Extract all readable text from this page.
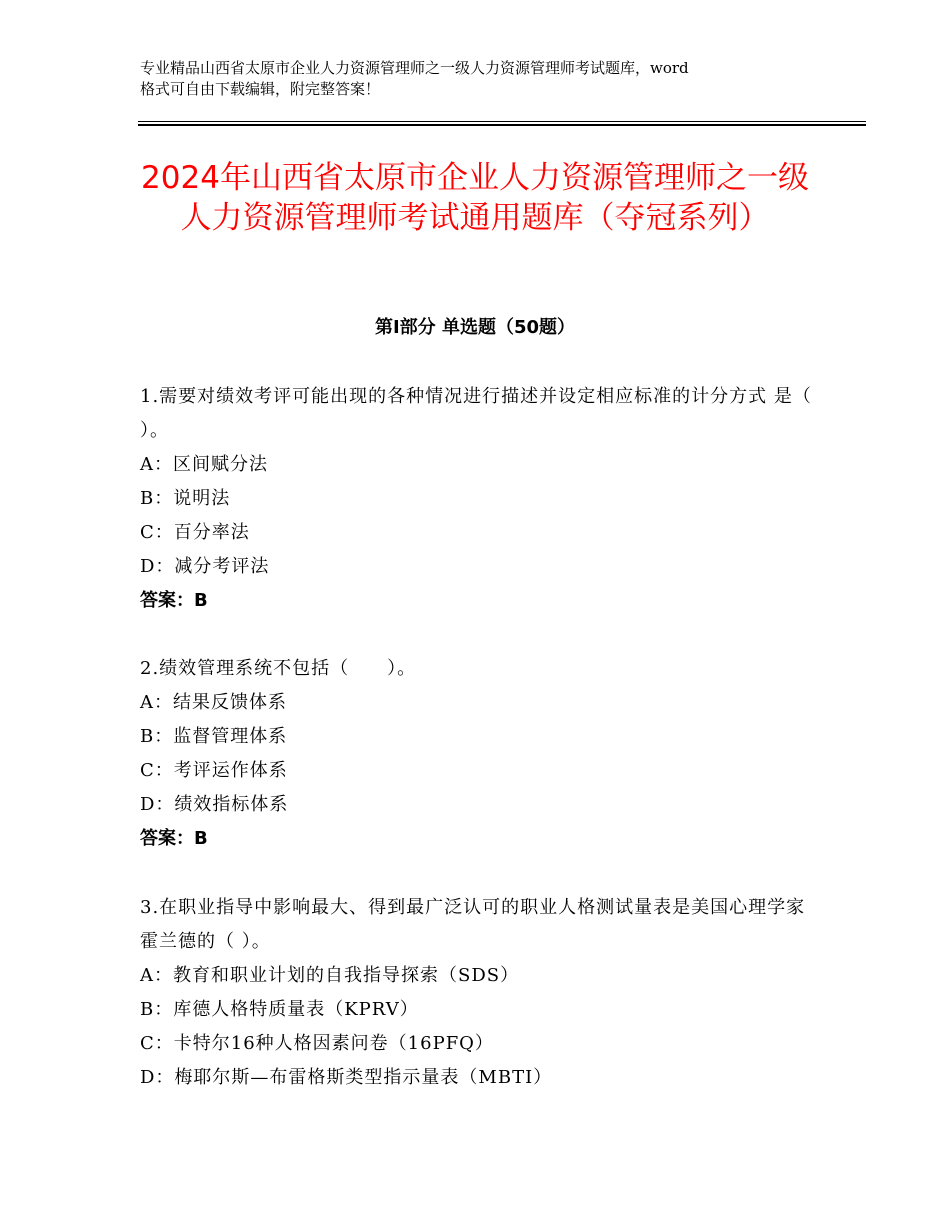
专业精品山西省太原市企业人力资源管理师之一级人力资源管理师考试题库，word

格式可自由下载编辑，附完整答案！

2024年山西省太原市企业人力资源管理师之一级人力资源管理师考试通用题库（夺冠系列）
第Ⅰ部分 单选题（50题）

1.需要对绩效考评可能出现的各种情况进行描述并设定相应标准的计分方式 是（ ）。

A：区间赋分法

B：说明法

C：百分率法

D：减分考评法

答案：B

2.绩效管理系统不包括（　　）。

A：结果反馈体系

B：监督管理体系

C：考评运作体系

D：绩效指标体系

答案：B

3.在职业指导中影响最大、得到最广泛认可的职业人格测试量表是美国心理学家霍兰德的（ ）。

A：教育和职业计划的自我指导探索（SDS）

B：库德人格特质量表（KPRV）

C：卡特尔16种人格因素问卷（16PFQ）

D：梅耶尔斯—布雷格斯类型指示量表（MBTI）
